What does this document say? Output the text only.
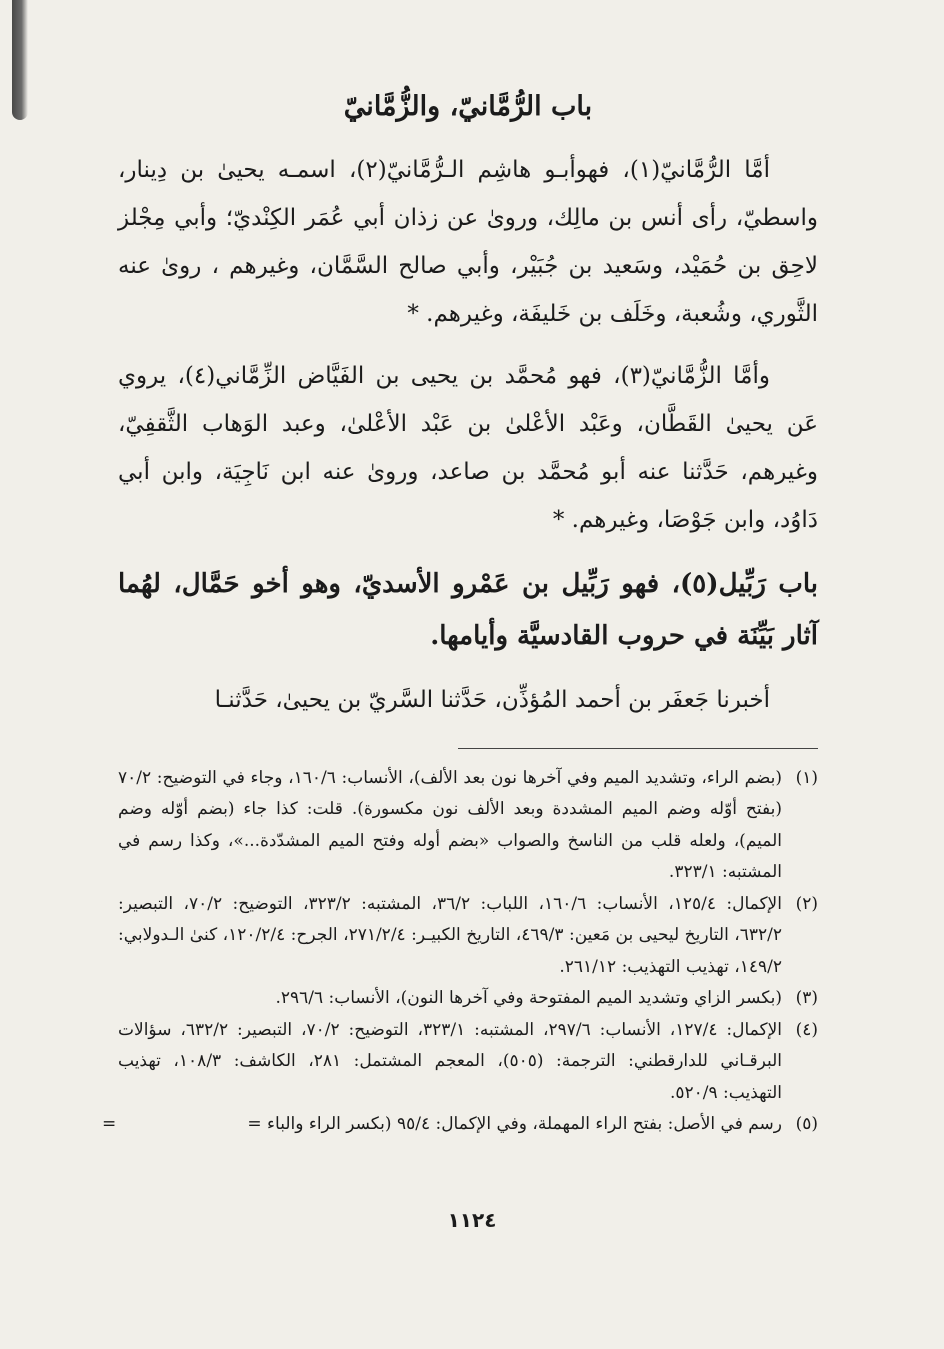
باب الرُّمَّانيّ، والزُّمَّانيّ

أمَّا الرُّمَّانيّ(١)، فهوأبـو هاشِم الـرُّمَّانيّ(٢)، اسمـه يحيىٰ بن دِينار، واسطيّ، رأى أنس بن مالِك، وروىٰ عن زذان أبي عُمَر الكِنْديّ؛ وأبي مِجْلز لاحِق بن حُمَيْد، وسَعيد بن جُبَيْر، وأبي صالح السَّمَّان، وغيرهم ، روىٰ عنه الثَّوري، وشُعبة، وخَلَف بن خَليفَة، وغيرهم. *

وأمَّا الزُّمَّانيّ(٣)، فهو مُحمَّد بن يحيى بن الفَيَّاض الزِّمَّاني(٤)، يروي عَن يحيىٰ القَطَّان، وعَبْد الأعْلىٰ بن عَبْد الأعْلىٰ، وعبد الوَهاب الثَّقفِيّ، وغيرهم، حَدَّثنا عنه أبو مُحمَّد بن صاعد، وروىٰ عنه ابن نَاجِيَة، وابن أبي دَاوُد، وابن جَوْصَا، وغيرهم. *

باب رَبِّيل(٥)، فهو رَبِّيل بن عَمْرو الأسديّ، وهو أخو حَمَّال، لهُما آثار بَيِّنَة في حروب القادسيَّة وأيامها.

أخبرنا جَعفَر بن أحمد المُؤذِّن، حَدَّثنا السَّريّ بن يحيىٰ، حَدَّثنـا

(١)
(بضم الراء، وتشديد الميم وفي آخرها نون بعد الألف)، الأنساب: ١٦٠/٦، وجاء في التوضيح: ٧٠/٢ (بفتح أوّله وضم الميم المشددة وبعد الألف نون مكسورة). قلت: كذا جاء (بضم أوّله وضم الميم)، ولعله قلب من الناسخ والصواب «بضم أوله وفتح الميم المشدّدة...»، وكذا رسم في المشتبه: ٣٢٣/١.

(٢)
الإكمال: ١٢٥/٤، الأنساب: ١٦٠/٦، اللباب: ٣٦/٢، المشتبه: ٣٢٣/٢، التوضيح: ٧٠/٢، التبصير: ٦٣٢/٢، التاريخ ليحيى بن مَعين: ٤٦٩/٣، التاريخ الكبيـر: ٢٧١/٢/٤، الجرح: ١٢٠/٢/٤، كنىٰ الـدولابي: ١٤٩/٢، تهذيب التهذيب: ٢٦١/١٢.

(٣)
(بكسر الزاي وتشديد الميم المفتوحة وفي آخرها النون)، الأنساب: ٢٩٦/٦.

(٤)
الإكمال: ١٢٧/٤، الأنساب: ٢٩٧/٦، المشتبه: ٣٢٣/١، التوضيح: ٧٠/٢، التبصير: ٦٣٢/٢، سؤالات البرقـاني للدارقطني: الترجمة: (٥٠٥)، المعجم المشتمل: ٢٨١، الكاشف: ١٠٨/٣، تهذيب التهذيب: ٥٢٠/٩.

(٥)
رسم في الأصل: بفتح الراء المهملة، وفي الإكمال: ٩٥/٤ (بكسر الراء والباء =
=

١١٢٤
